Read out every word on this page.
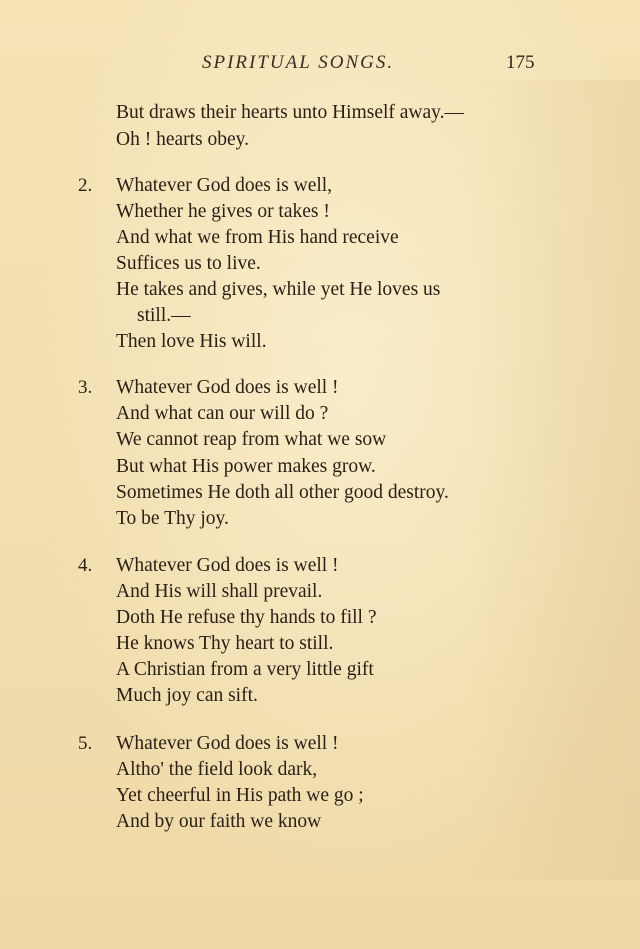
SPIRITUAL SONGS.	175
But draws their hearts unto Himself away.—
Oh ! hearts obey.
2. Whatever God does is well,
Whether he gives or takes !
And what we from His hand receive
Suffices us to live.
He takes and gives, while yet He loves us
still.—
Then love His will.
3. Whatever God does is well !
And what can our will do ?
We cannot reap from what we sow
But what His power makes grow.
Sometimes He doth all other good destroy.
To be Thy joy.
4. Whatever God does is well !
And His will shall prevail.
Doth He refuse thy hands to fill ?
He knows Thy heart to still.
A Christian from a very little gift
Much joy can sift.
5. Whatever God does is well !
Altho' the field look dark,
Yet cheerful in His path we go ;
And by our faith we know
